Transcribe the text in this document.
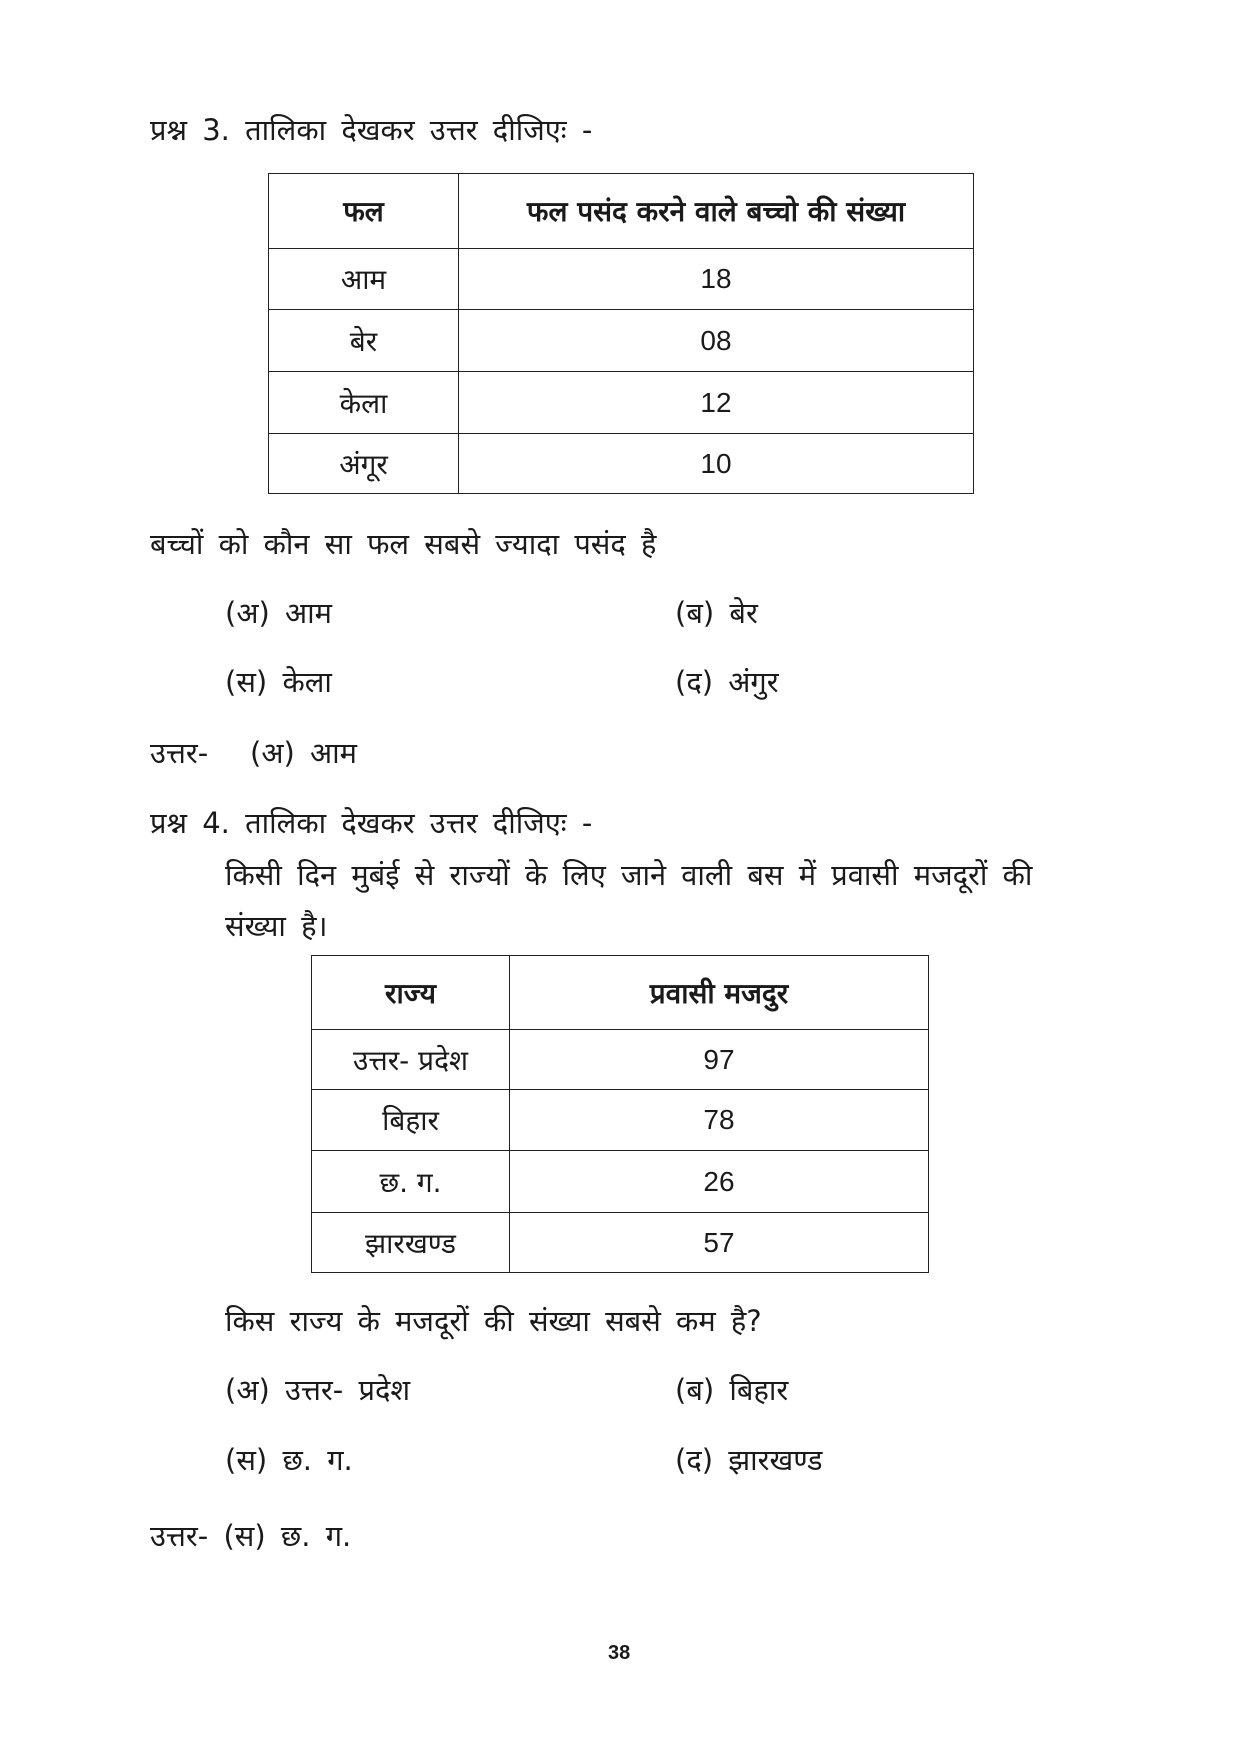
प्रश्न 3. तालिका देखकर उत्तर दीजिएः -
फल	फल पसंद करने वाले बच्चो की संख्या
आम	18
बेर	08
केला	12
अंगूर	10
बच्चों को कौन सा फल सबसे ज्यादा पसंद है
(अ) आम	(ब) बेर
(स) केला	(द) अंगुर
उत्तर- (अ) आम
प्रश्न 4. तालिका देखकर उत्तर दीजिएः -
किसी दिन मुबंई से राज्यों के लिए जाने वाली बस में प्रवासी मजदूरों की
संख्या है।
राज्य	प्रवासी मजदुर
उत्तर- प्रदेश	97
बिहार	78
छ. ग.	26
झारखण्ड	57
किस राज्य के मजदूरों की संख्या सबसे कम है?
(अ) उत्तर- प्रदेश	(ब) बिहार
(स) छ. ग.	(द) झारखण्ड
उत्तर- (स) छ. ग.
38
